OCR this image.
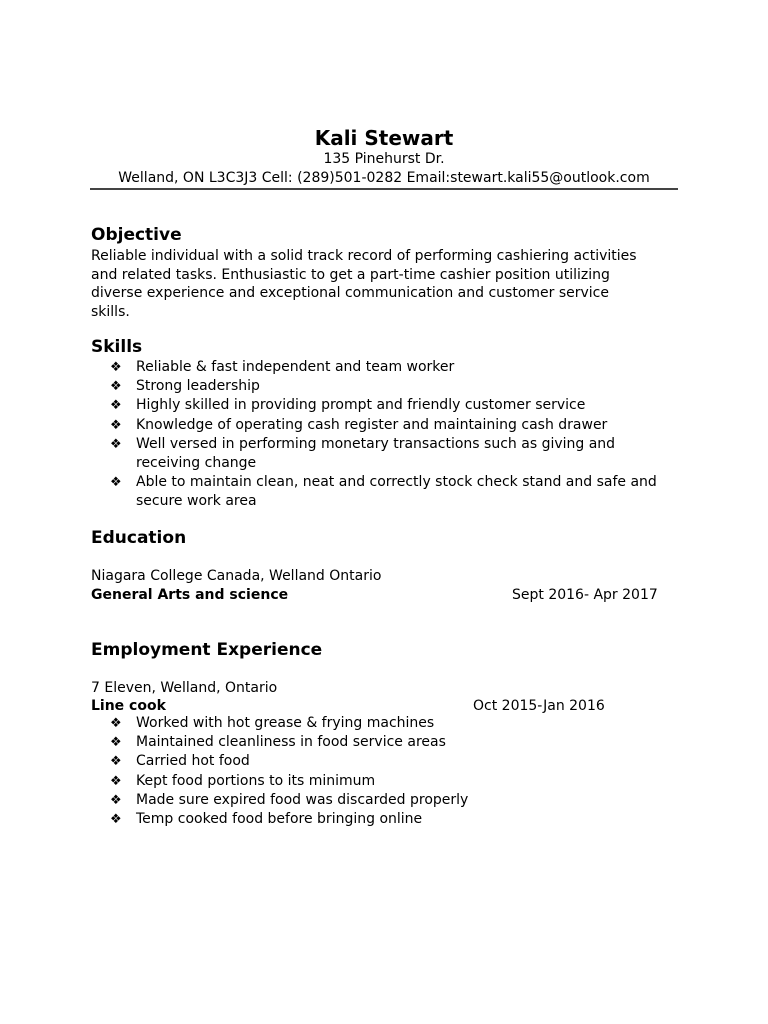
Kali Stewart
135 Pinehurst Dr.
Welland, ON L3C3J3 Cell: (289)501-0282 Email:stewart.kali55@outlook.com
Objective

Reliable individual with a solid track record of performing cashiering activities

and related tasks. Enthusiastic to get a part-time cashier position utilizing

diverse experience and exceptional communication and customer service

skills.

Skills
❖ Reliable & fast independent and team worker
❖ Strong leadership
❖ Highly skilled in providing prompt and friendly customer service
❖ Knowledge of operating cash register and maintaining cash drawer
❖ Well versed in performing monetary transactions such as giving and receiving change
❖ Able to maintain clean, neat and correctly stock check stand and safe and secure work area
Education
Niagara College Canada, Welland Ontario
General Arts and science	Sept 2016- Apr 2017
Employment Experience
7 Eleven, Welland, Ontario
Line cook	Oct 2015-Jan 2016
❖ Worked with hot grease & frying machines
❖ Maintained cleanliness in food service areas
❖ Carried hot food
❖ Kept food portions to its minimum
❖ Made sure expired food was discarded properly
❖ Temp cooked food before bringing online
